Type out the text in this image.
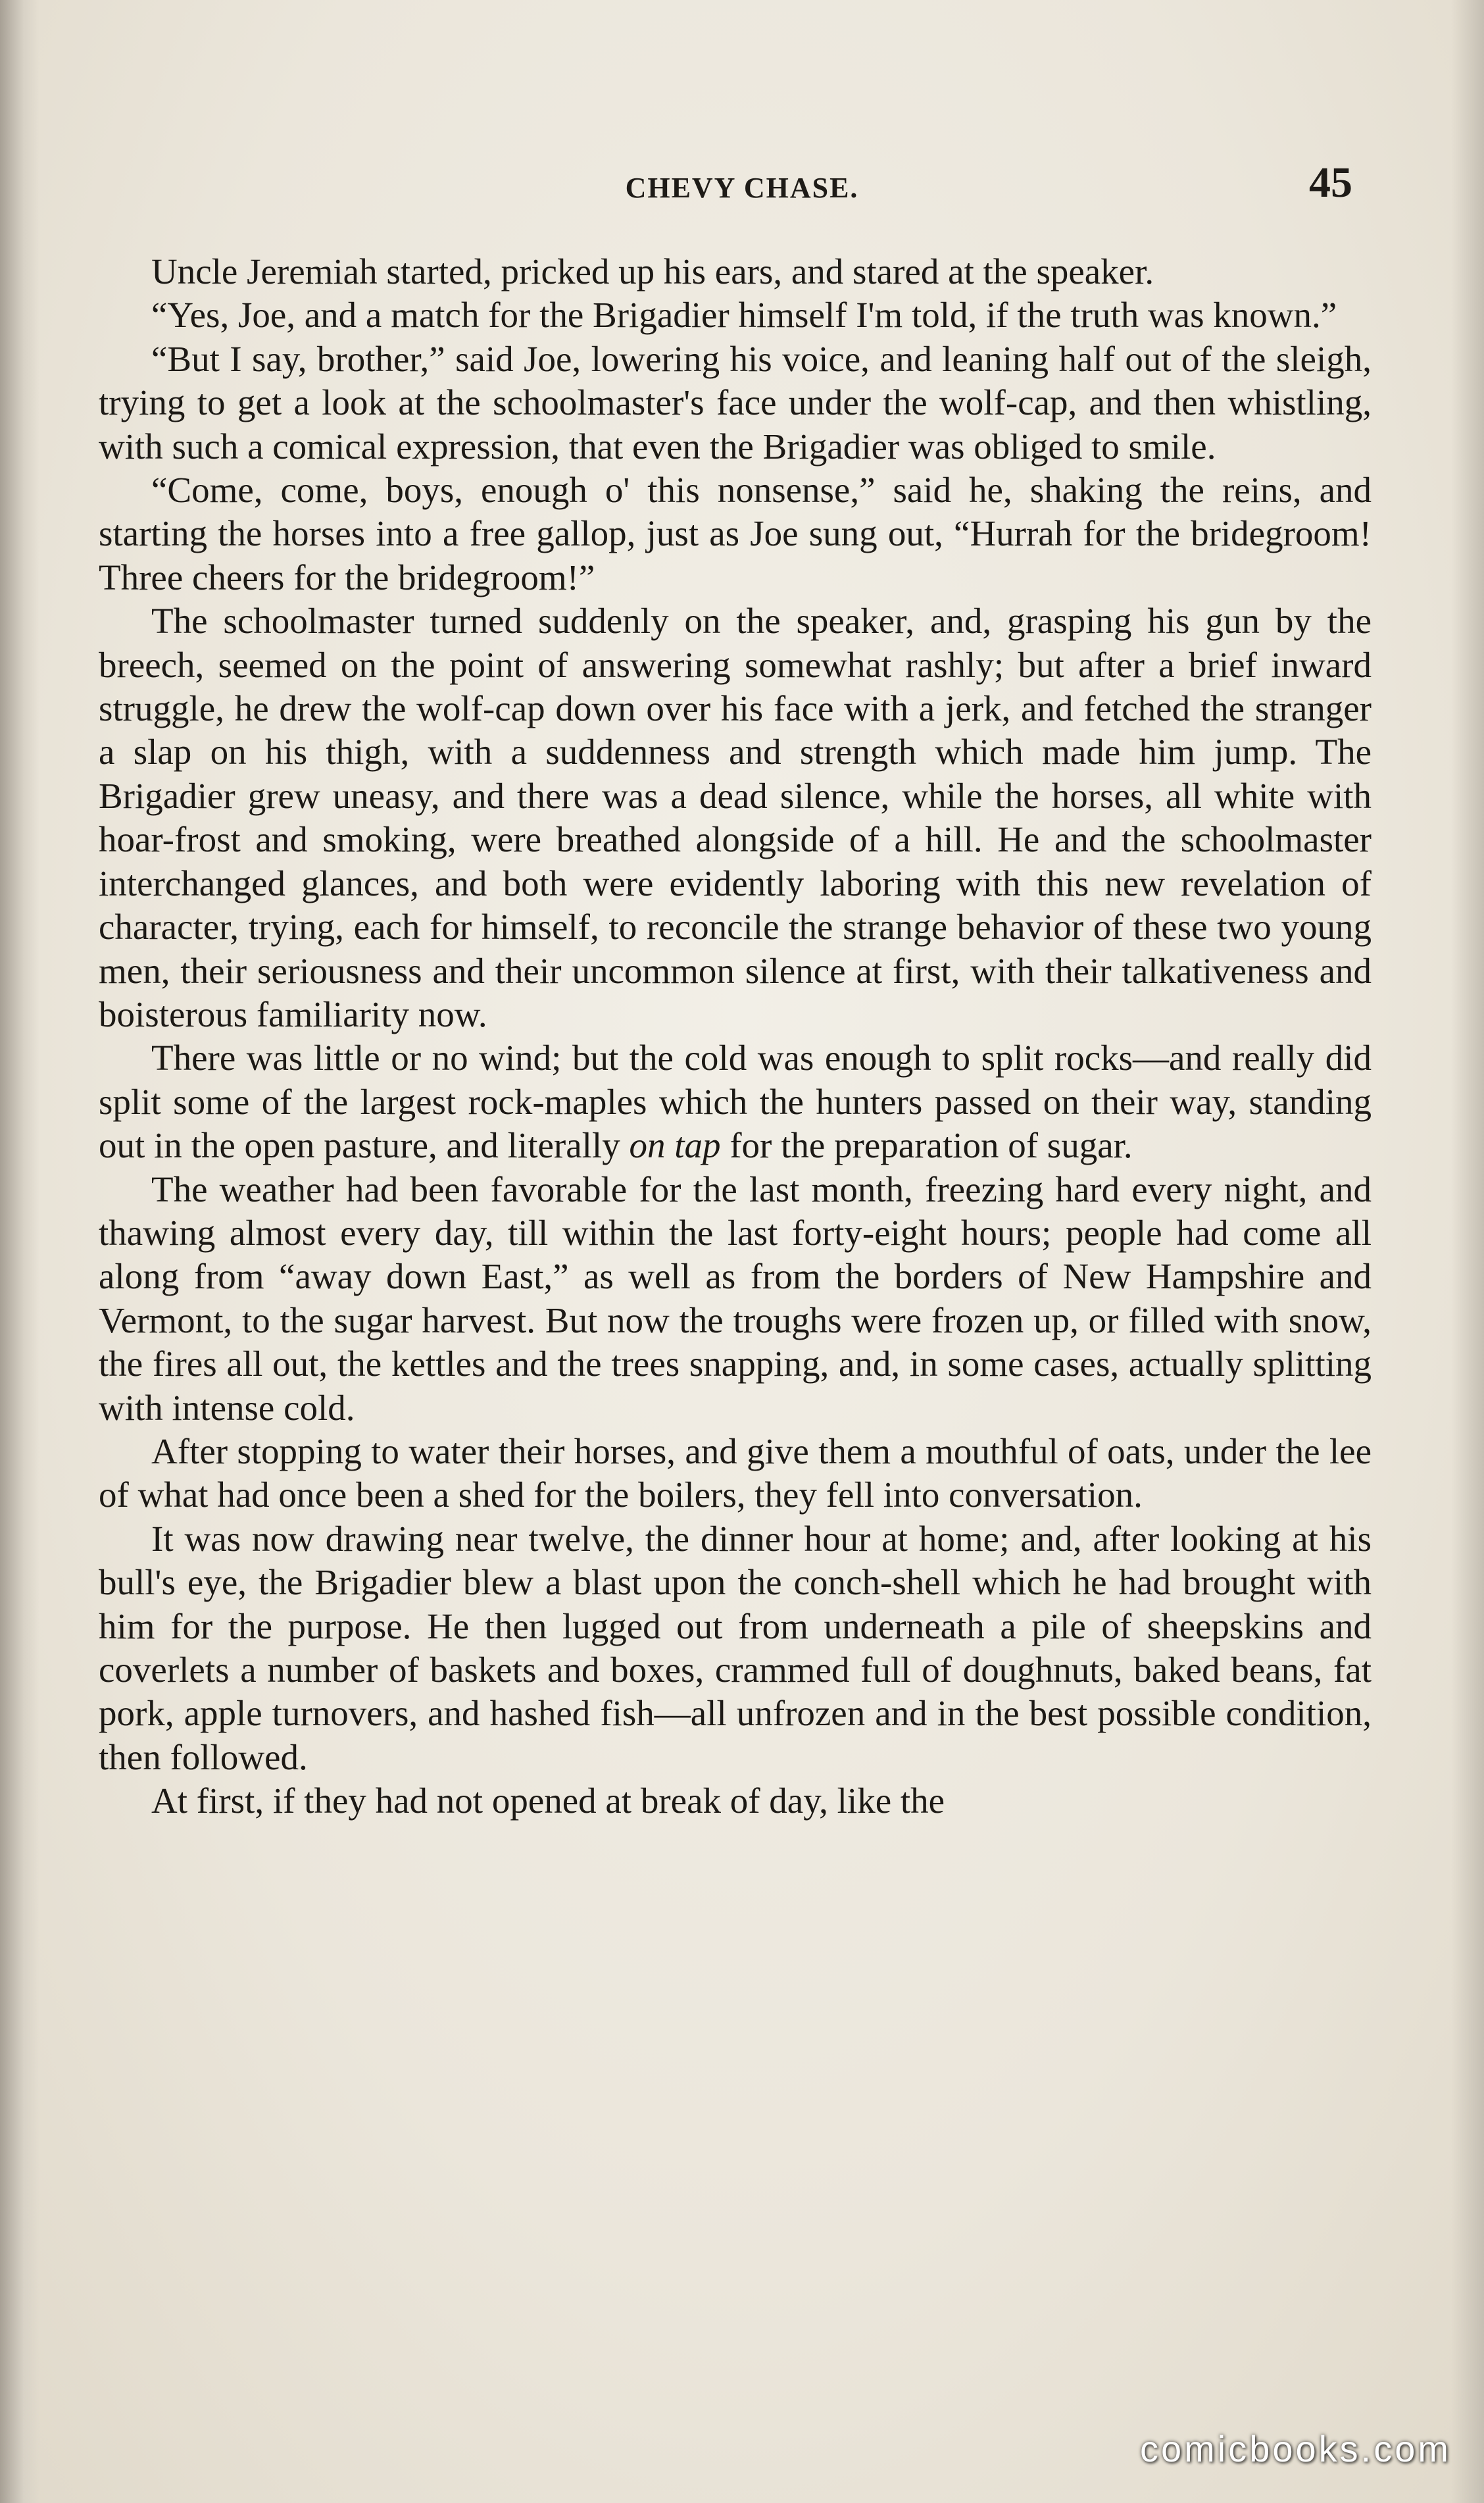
CHEVY CHASE.	45

Uncle Jeremiah started, pricked up his ears, and stared at the speaker.

“Yes, Joe, and a match for the Brigadier himself I'm told, if the truth was known.”

“But I say, brother,” said Joe, lowering his voice, and leaning half out of the sleigh, trying to get a look at the schoolmaster's face under the wolf-cap, and then whistling, with such a comical expression, that even the Brigadier was obliged to smile.

“Come, come, boys, enough o' this nonsense,” said he, shaking the reins, and starting the horses into a free gallop, just as Joe sung out, “Hurrah for the bridegroom! Three cheers for the bridegroom!”

The schoolmaster turned suddenly on the speaker, and, grasping his gun by the breech, seemed on the point of answering somewhat rashly; but after a brief inward struggle, he drew the wolf-cap down over his face with a jerk, and fetched the stranger a slap on his thigh, with a suddenness and strength which made him jump. The Brigadier grew uneasy, and there was a dead silence, while the horses, all white with hoar-frost and smoking, were breathed alongside of a hill. He and the schoolmaster interchanged glances, and both were evidently laboring with this new revelation of character, trying, each for himself, to reconcile the strange behavior of these two young men, their seriousness and their uncommon silence at first, with their talkativeness and boisterous familiarity now.

There was little or no wind; but the cold was enough to split rocks—and really did split some of the largest rock-maples which the hunters passed on their way, standing out in the open pasture, and literally on tap for the preparation of sugar.

The weather had been favorable for the last month, freezing hard every night, and thawing almost every day, till within the last forty-eight hours; people had come all along from “away down East,” as well as from the borders of New Hampshire and Vermont, to the sugar harvest. But now the troughs were frozen up, or filled with snow, the fires all out, the kettles and the trees snapping, and, in some cases, actually splitting with intense cold.

After stopping to water their horses, and give them a mouthful of oats, under the lee of what had once been a shed for the boilers, they fell into conversation.

It was now drawing near twelve, the dinner hour at home; and, after looking at his bull's eye, the Brigadier blew a blast upon the conch-shell which he had brought with him for the purpose. He then lugged out from underneath a pile of sheepskins and coverlets a number of baskets and boxes, crammed full of doughnuts, baked beans, fat pork, apple turnovers, and hashed fish—all unfrozen and in the best possible condition, then followed.

At first, if they had not opened at break of day, like the

comicbooks.com
